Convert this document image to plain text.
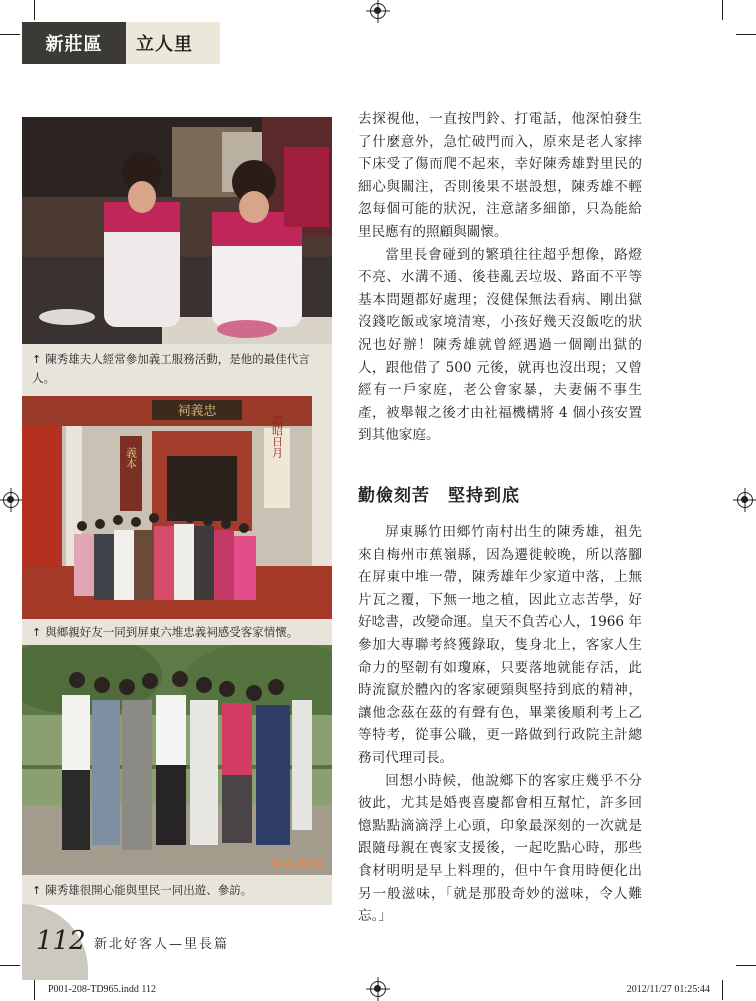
新莊區	立人里
↑ 陳秀雄夫人經常參加義工服務活動，是他的最佳代言人。
祠義忠
義本	忠昭日月
↑ 與鄉親好友一同到屏東六堆忠義祠感受客家情懷。
9 4 2008
↑ 陳秀雄很開心能與里民一同出遊、參訪。

去探視他，一直按門鈴、打電話，他深怕發生了什麼意外，急忙破門而入，原來是老人家摔下床受了傷而爬不起來，幸好陳秀雄對里民的細心與關注，否則後果不堪設想，陳秀雄不輕忽每個可能的狀況，注意諸多細節，只為能給里民應有的照顧與關懷。

當里長會碰到的繁瑣往往超乎想像，路燈不亮、水溝不通、後巷亂丟垃圾、路面不平等基本問題都好處理；沒健保無法看病、剛出獄沒錢吃飯或家境清寒，小孩好幾天沒飯吃的狀況也好辦！陳秀雄就曾經遇過一個剛出獄的人，跟他借了 500 元後，就再也沒出現；又曾經有一戶家庭，老公會家暴，夫妻倆不事生產，被舉報之後才由社福機構將 4 個小孩安置到其他家庭。

勤儉刻苦　堅持到底

屏東縣竹田鄉竹南村出生的陳秀雄，祖先來自梅州市蕉嶺縣，因為遷徙較晚，所以落腳在屏東中堆一帶，陳秀雄年少家道中落，上無片瓦之覆，下無一地之植，因此立志苦學，好好唸書，改變命運。皇天不負苦心人，1966 年參加大專聯考終獲錄取，隻身北上，客家人生命力的堅韌有如瓊麻，只要落地就能存活，此時流竄於體內的客家硬頸與堅持到底的精神，讓他念茲在茲的有聲有色，畢業後順利考上乙等特考，從事公職，更一路做到行政院主計總務司代理司長。

回想小時候，他說鄉下的客家庄幾乎不分彼此，尤其是婚喪喜慶都會相互幫忙，許多回憶點點滴滴浮上心頭，印象最深刻的一次就是跟隨母親在喪家支援後，一起吃點心時，那些食材明明是早上料理的，但中午食用時便化出另一般滋味，「就是那股奇妙的滋味，令人難忘。」

112 新北好客人—里長篇
P001-208-TD965.indd 112	2012/11/27 01:25:44
